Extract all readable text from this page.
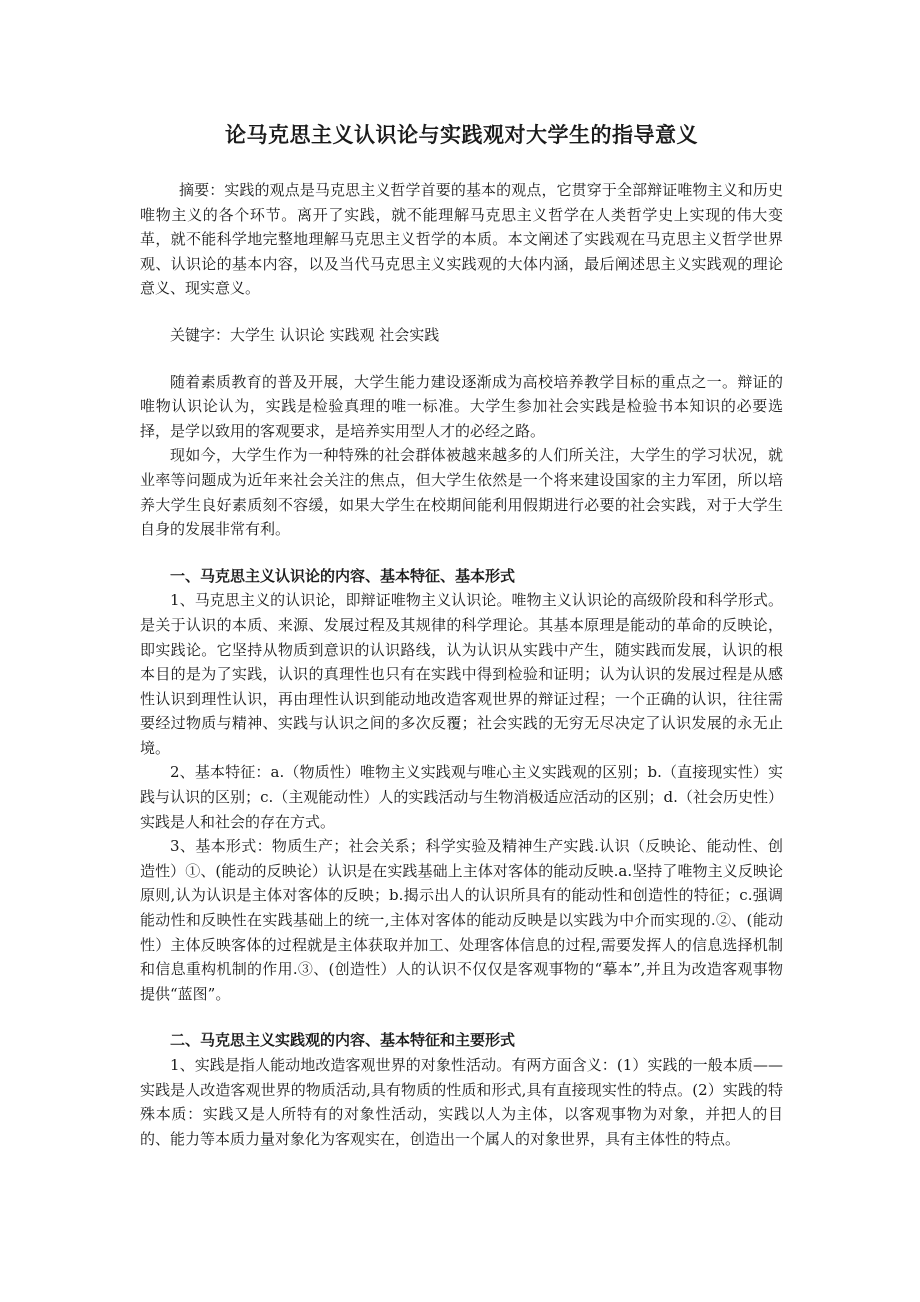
论马克思主义认识论与实践观对大学生的指导意义

摘要：实践的观点是马克思主义哲学首要的基本的观点，它贯穿于全部辩证唯物主义和历史唯物主义的各个环节。离开了实践，就不能理解马克思主义哲学在人类哲学史上实现的伟大变革，就不能科学地完整地理解马克思主义哲学的本质。本文阐述了实践观在马克思主义哲学世界观、认识论的基本内容，以及当代马克思主义实践观的大体内涵，最后阐述思主义实践观的理论意义、现实意义。

关键字：大学生 认识论 实践观 社会实践

随着素质教育的普及开展，大学生能力建设逐渐成为高校培养教学目标的重点之一。辩证的唯物认识论认为，实践是检验真理的唯一标准。大学生参加社会实践是检验书本知识的必要选择，是学以致用的客观要求，是培养实用型人才的必经之路。

现如今，大学生作为一种特殊的社会群体被越来越多的人们所关注，大学生的学习状况，就业率等问题成为近年来社会关注的焦点，但大学生依然是一个将来建设国家的主力军团，所以培养大学生良好素质刻不容缓，如果大学生在校期间能利用假期进行必要的社会实践，对于大学生自身的发展非常有利。

一、马克思主义认识论的内容、基本特征、基本形式

1、马克思主义的认识论，即辩证唯物主义认识论。唯物主义认识论的高级阶段和科学形式。是关于认识的本质、来源、发展过程及其规律的科学理论。其基本原理是能动的革命的反映论，即实践论。它坚持从物质到意识的认识路线，认为认识从实践中产生，随实践而发展，认识的根本目的是为了实践，认识的真理性也只有在实践中得到检验和证明；认为认识的发展过程是从感性认识到理性认识，再由理性认识到能动地改造客观世界的辩证过程；一个正确的认识，往往需要经过物质与精神、实践与认识之间的多次反覆；社会实践的无穷无尽决定了认识发展的永无止境。

2、基本特征：a.（物质性）唯物主义实践观与唯心主义实践观的区别；b.（直接现实性）实践与认识的区别；c.（主观能动性）人的实践活动与生物消极适应活动的区别；d.（社会历史性）实践是人和社会的存在方式。

3、基本形式：物质生产；社会关系；科学实验及精神生产实践.认识（反映论、能动性、创造性）①、(能动的反映论）认识是在实践基础上主体对客体的能动反映.a.坚持了唯物主义反映论原则,认为认识是主体对客体的反映；b.揭示出人的认识所具有的能动性和创造性的特征；c.强调能动性和反映性在实践基础上的统一,主体对客体的能动反映是以实践为中介而实现的.②、(能动性）主体反映客体的过程就是主体获取并加工、处理客体信息的过程,需要发挥人的信息选择机制和信息重构机制的作用.③、(创造性）人的认识不仅仅是客观事物的“摹本”,并且为改造客观事物提供“蓝图”。

二、马克思主义实践观的内容、基本特征和主要形式

1、实践是指人能动地改造客观世界的对象性活动。有两方面含义：(1）实践的一般本质——实践是人改造客观世界的物质活动,具有物质的性质和形式,具有直接现实性的特点。(2）实践的特殊本质：实践又是人所特有的对象性活动，实践以人为主体，以客观事物为对象，并把人的目的、能力等本质力量对象化为客观实在，创造出一个属人的对象世界，具有主体性的特点。
